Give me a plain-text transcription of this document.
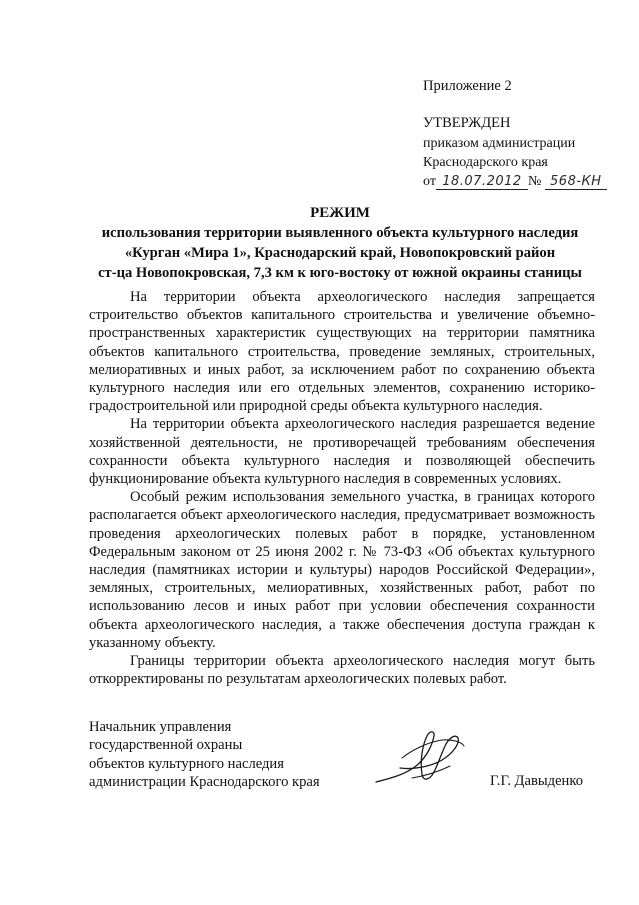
Приложение 2
УТВЕРЖДЕН
приказом администрации
Краснодарского края
от 18.07.2012 № 568-КН
РЕЖИМ
использования территории выявленного объекта культурного наследия
«Курган «Мира 1», Краснодарский край, Новопокровский район
ст-ца Новопокровская, 7,3 км к юго-востоку от южной окраины станицы

На территории объекта археологического наследия запрещается строительство объектов капитального строительства и увеличение объемно-пространственных характеристик существующих на территории памятника объектов капитального строительства, проведение земляных, строительных, мелиоративных и иных работ, за исключением работ по сохранению объекта культурного наследия или его отдельных элементов, сохранению историко-градостроительной или природной среды объекта культурного наследия.

На территории объекта археологического наследия разрешается ведение хозяйственной деятельности, не противоречащей требованиям обеспечения сохранности объекта культурного наследия и позволяющей обеспечить функционирование объекта культурного наследия в современных условиях.

Особый режим использования земельного участка, в границах которого располагается объект археологического наследия, предусматривает возможность проведения археологических полевых работ в порядке, установленном Федеральным законом от 25 июня 2002 г. № 73-ФЗ «Об объектах культурного наследия (памятниках истории и культуры) народов Российской Федерации», земляных, строительных, мелиоративных, хозяйственных работ, работ по использованию лесов и иных работ при условии обеспечения сохранности объекта археологического наследия, а также обеспечения доступа граждан к указанному объекту.

Границы территории объекта археологического наследия могут быть откорректированы по результатам археологических полевых работ.

Начальник управления
государственной охраны
объектов культурного наследия
администрации Краснодарского края	Г.Г. Давыденко
